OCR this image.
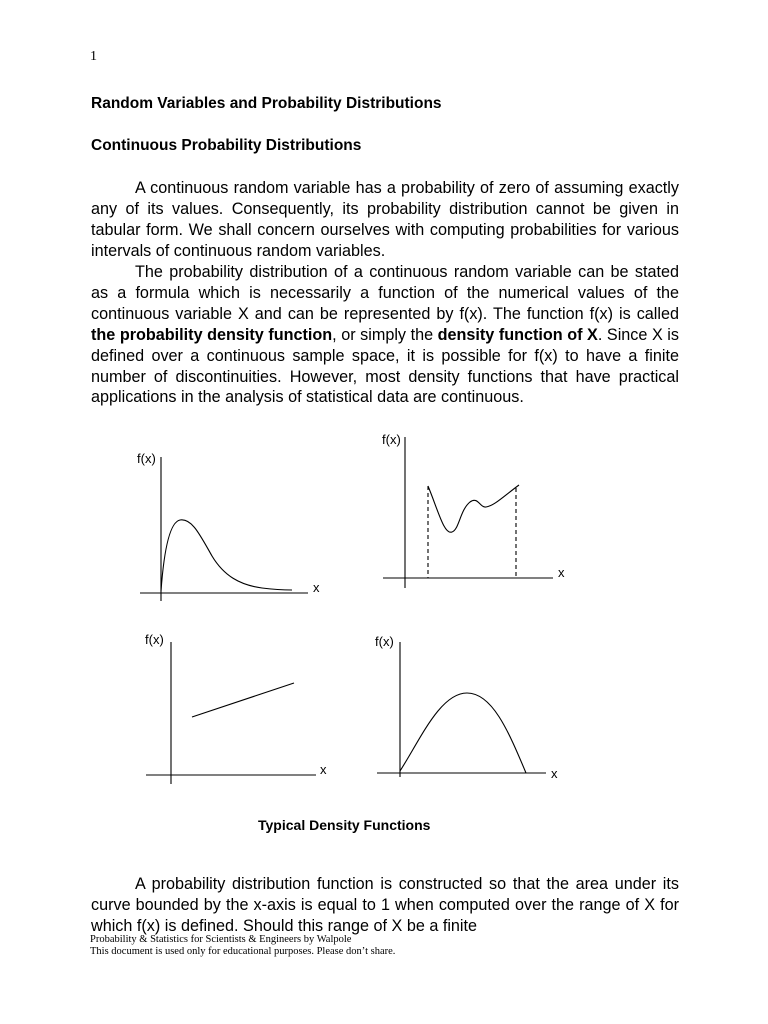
1
Random Variables and Probability Distributions
Continuous Probability Distributions

A continuous random variable has a probability of zero of assuming exactly any of its values. Consequently, its probability distribution cannot be given in tabular form. We shall concern ourselves with computing probabilities for various intervals of continuous random variables.

The probability distribution of a continuous random variable can be stated as a formula which is necessarily a function of the numerical values of the continuous variable X and can be represented by f(x). The function f(x) is called the probability density function, or simply the density function of X. Since X is defined over a continuous sample space, it is possible for f(x) to have a finite number of discontinuities. However, most density functions that have practical applications in the analysis of statistical data are continuous.

f(x)
x
f(x)
x
f(x)
x
f(x)
x
Typical Density Functions

A probability distribution function is constructed so that the area under its curve bounded by the x-axis is equal to 1 when computed over the range of X for which f(x) is defined. Should this range of X be a finite

Probability & Statistics for Scientists & Engineers by Walpole
This document is used only for educational purposes. Please don’t share.
